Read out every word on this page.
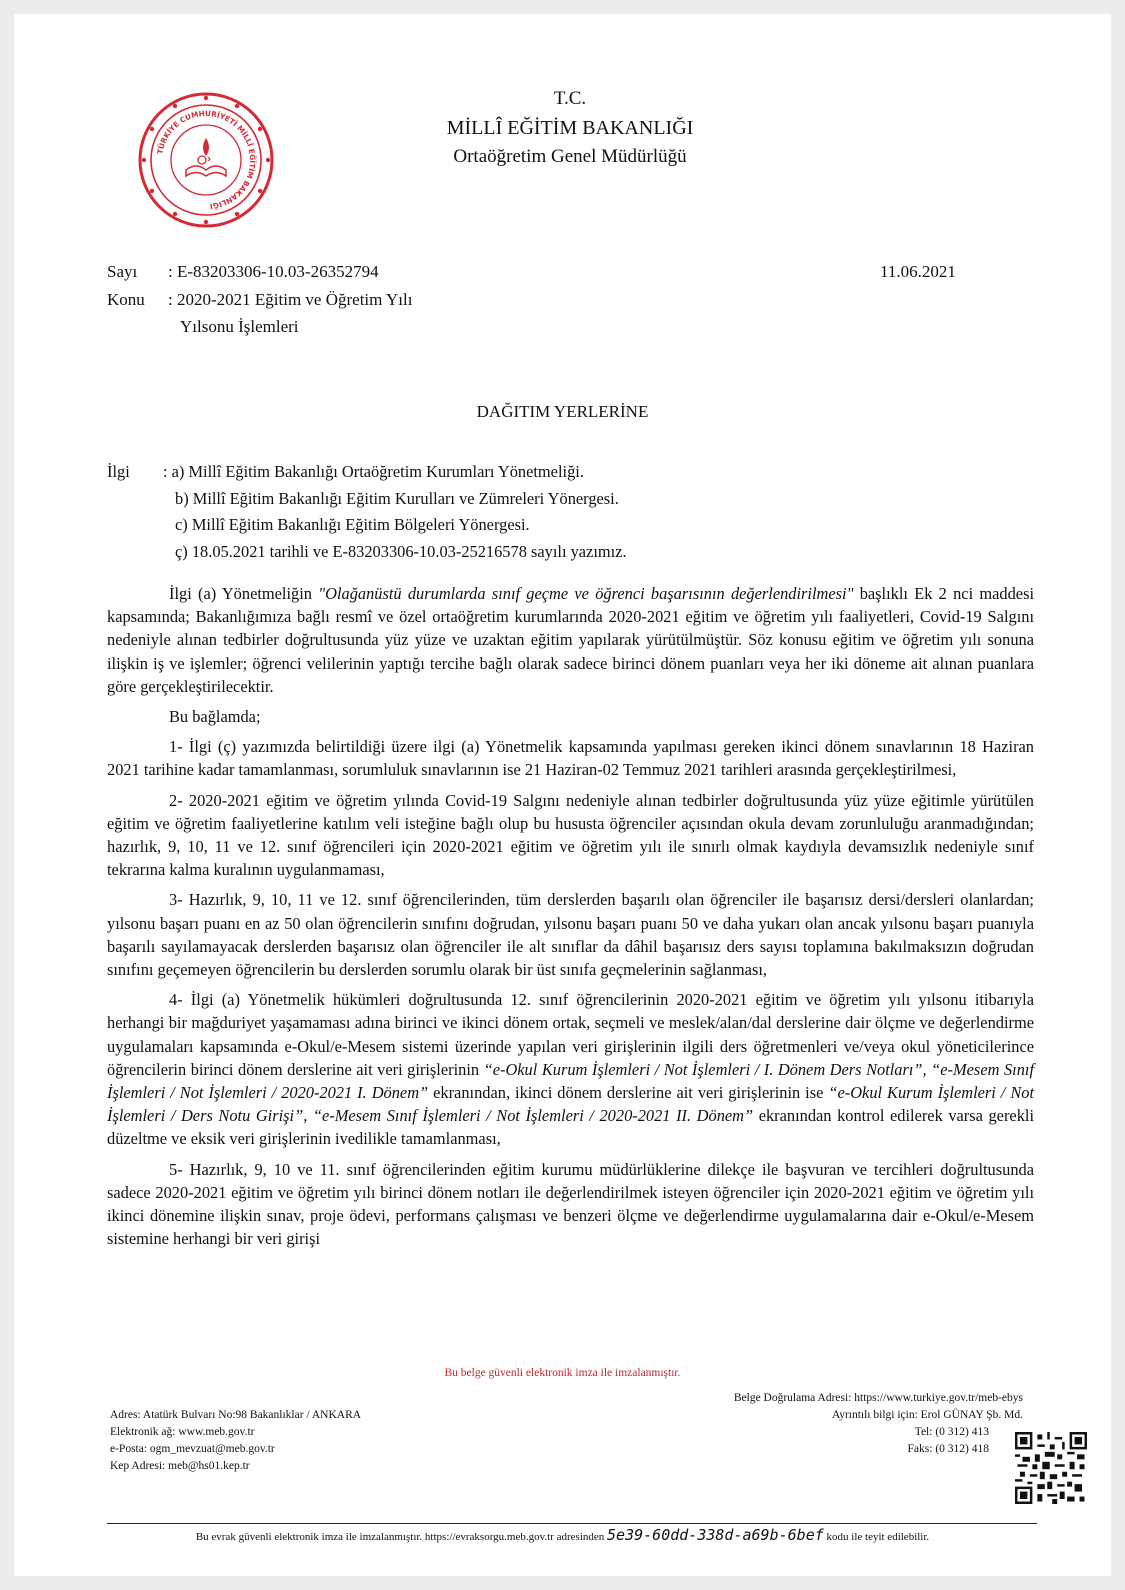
TÜRKİYE CUMHURİYETİ MİLLÎ EĞİTİM BAKANLIĞI
T.C.
MİLLÎ EĞİTİM BAKANLIĞI
Ortaöğretim Genel Müdürlüğü
Sayı : E-83203306-10.03-26352794	11.06.2021
Konu : 2020-2021 Eğitim ve Öğretim Yılı
Yılsonu İşlemleri
DAĞITIM YERLERİNE
İlgi : a) Millî Eğitim Bakanlığı Ortaöğretim Kurumları Yönetmeliği.
b) Millî Eğitim Bakanlığı Eğitim Kurulları ve Zümreleri Yönergesi.
c) Millî Eğitim Bakanlığı Eğitim Bölgeleri Yönergesi.
ç) 18.05.2021 tarihli ve E-83203306-10.03-25216578 sayılı yazımız.

İlgi (a) Yönetmeliğin "Olağanüstü durumlarda sınıf geçme ve öğrenci başarısının değerlendirilmesi" başlıklı Ek 2 nci maddesi kapsamında; Bakanlığımıza bağlı resmî ve özel ortaöğretim kurumlarında 2020-2021 eğitim ve öğretim yılı faaliyetleri, Covid-19 Salgını nedeniyle alınan tedbirler doğrultusunda yüz yüze ve uzaktan eğitim yapılarak yürütülmüştür. Söz konusu eğitim ve öğretim yılı sonuna ilişkin iş ve işlemler; öğrenci velilerinin yaptığı tercihe bağlı olarak sadece birinci dönem puanları veya her iki döneme ait alınan puanlara göre gerçekleştirilecektir.

Bu bağlamda;

1- İlgi (ç) yazımızda belirtildiği üzere ilgi (a) Yönetmelik kapsamında yapılması gereken ikinci dönem sınavlarının 18 Haziran 2021 tarihine kadar tamamlanması, sorumluluk sınavlarının ise 21 Haziran-02 Temmuz 2021 tarihleri arasında gerçekleştirilmesi,

2- 2020-2021 eğitim ve öğretim yılında Covid-19 Salgını nedeniyle alınan tedbirler doğrultusunda yüz yüze eğitimle yürütülen eğitim ve öğretim faaliyetlerine katılım veli isteğine bağlı olup bu hususta öğrenciler açısından okula devam zorunluluğu aranmadığından; hazırlık, 9, 10, 11 ve 12. sınıf öğrencileri için 2020-2021 eğitim ve öğretim yılı ile sınırlı olmak kaydıyla devamsızlık nedeniyle sınıf tekrarına kalma kuralının uygulanmaması,

3- Hazırlık, 9, 10, 11 ve 12. sınıf öğrencilerinden, tüm derslerden başarılı olan öğrenciler ile başarısız dersi/dersleri olanlardan; yılsonu başarı puanı en az 50 olan öğrencilerin sınıfını doğrudan, yılsonu başarı puanı 50 ve daha yukarı olan ancak yılsonu başarı puanıyla başarılı sayılamayacak derslerden başarısız olan öğrenciler ile alt sınıflar da dâhil başarısız ders sayısı toplamına bakılmaksızın doğrudan sınıfını geçemeyen öğrencilerin bu derslerden sorumlu olarak bir üst sınıfa geçmelerinin sağlanması,

4- İlgi (a) Yönetmelik hükümleri doğrultusunda 12. sınıf öğrencilerinin 2020-2021 eğitim ve öğretim yılı yılsonu itibarıyla herhangi bir mağduriyet yaşamaması adına birinci ve ikinci dönem ortak, seçmeli ve meslek/alan/dal derslerine dair ölçme ve değerlendirme uygulamaları kapsamında e-Okul/e-Mesem sistemi üzerinde yapılan veri girişlerinin ilgili ders öğretmenleri ve/veya okul yöneticilerince öğrencilerin birinci dönem derslerine ait veri girişlerinin “e-Okul Kurum İşlemleri / Not İşlemleri / I. Dönem Ders Notları”, “e-Mesem Sınıf İşlemleri / Not İşlemleri / 2020-2021 I. Dönem” ekranından, ikinci dönem derslerine ait veri girişlerinin ise “e-Okul Kurum İşlemleri / Not İşlemleri / Ders Notu Girişi”, “e-Mesem Sınıf İşlemleri / Not İşlemleri / 2020-2021 II. Dönem” ekranından kontrol edilerek varsa gerekli düzeltme ve eksik veri girişlerinin ivedilikle tamamlanması,

5- Hazırlık, 9, 10 ve 11. sınıf öğrencilerinden eğitim kurumu müdürlüklerine dilekçe ile başvuran ve tercihleri doğrultusunda sadece 2020-2021 eğitim ve öğretim yılı birinci dönem notları ile değerlendirilmek isteyen öğrenciler için 2020-2021 eğitim ve öğretim yılı ikinci dönemine ilişkin sınav, proje ödevi, performans çalışması ve benzeri ölçme ve değerlendirme uygulamalarına dair e-Okul/e-Mesem sistemine herhangi bir veri girişi

Bu belge güvenli elektronik imza ile imzalanmıştır.
Belge Doğrulama Adresi: https://www.turkiye.gov.tr/meb-ebys
Adres: Atatürk Bulvarı No:98 Bakanlıklar / ANKARA
Elektronik ağ: www.meb.gov.tr
e-Posta: ogm_mevzuat@meb.gov.tr
Kep Adresi: meb@hs01.kep.tr
Ayrıntılı bilgi için: Erol GÜNAY Şb. Md.
Tel: (0 312) 413
Faks: (0 312) 418
Bu evrak güvenli elektronik imza ile imzalanmıştır. https://evraksorgu.meb.gov.tr adresinden 5e39-60dd-338d-a69b-6bef kodu ile teyit edilebilir.
